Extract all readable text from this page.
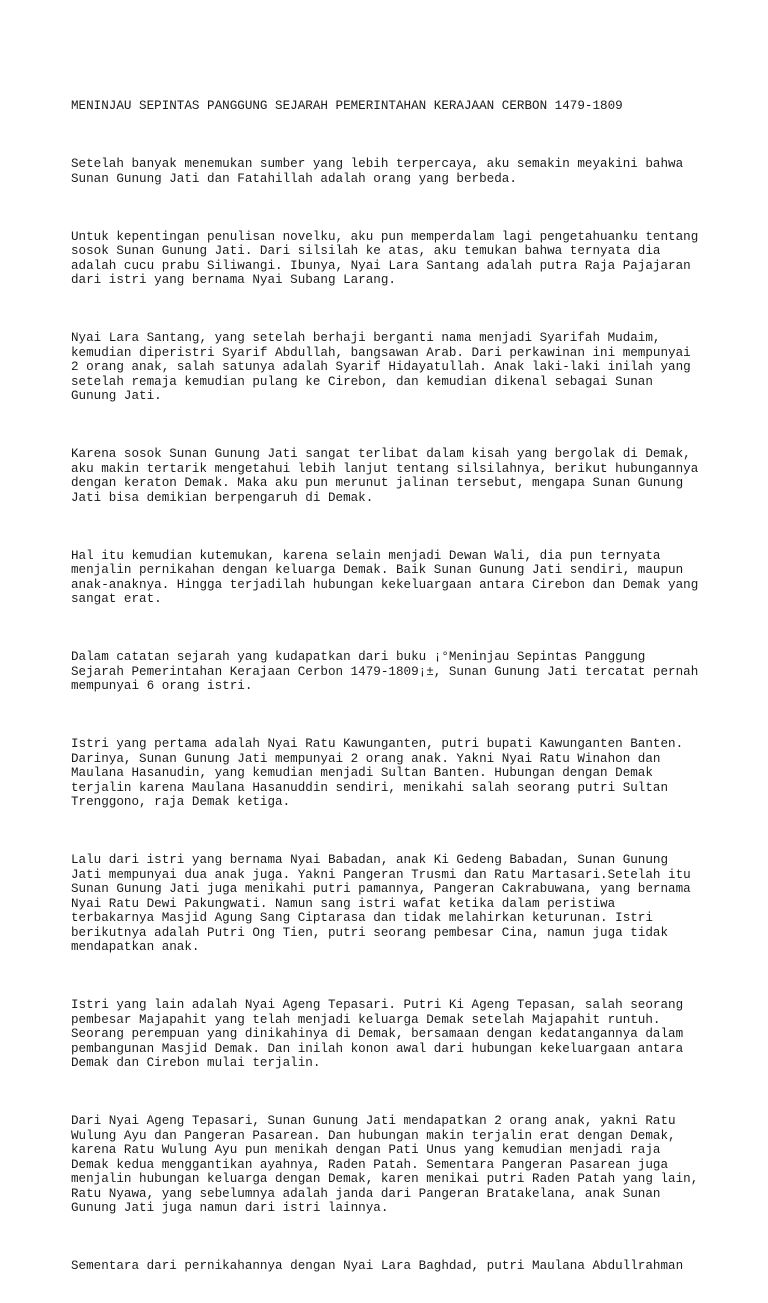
MENINJAU SEPINTAS PANGGUNG SEJARAH PEMERINTAHAN KERAJAAN CERBON 1479-1809

Setelah banyak menemukan sumber yang lebih terpercaya, aku semakin meyakini bahwa
Sunan Gunung Jati dan Fatahillah adalah orang yang berbeda.

Untuk kepentingan penulisan novelku, aku pun memperdalam lagi pengetahuanku tentang
sosok Sunan Gunung Jati. Dari silsilah ke atas, aku temukan bahwa ternyata dia
adalah cucu prabu Siliwangi. Ibunya, Nyai Lara Santang adalah putra Raja Pajajaran
dari istri yang bernama Nyai Subang Larang.

Nyai Lara Santang, yang setelah berhaji berganti nama menjadi Syarifah Mudaim,
kemudian diperistri Syarif Abdullah, bangsawan Arab. Dari perkawinan ini mempunyai
2 orang anak, salah satunya adalah Syarif Hidayatullah. Anak laki-laki inilah yang
setelah remaja kemudian pulang ke Cirebon, dan kemudian dikenal sebagai Sunan
Gunung Jati.

Karena sosok Sunan Gunung Jati sangat terlibat dalam kisah yang bergolak di Demak,
aku makin tertarik mengetahui lebih lanjut tentang silsilahnya, berikut hubungannya
dengan keraton Demak. Maka aku pun merunut jalinan tersebut, mengapa Sunan Gunung
Jati bisa demikian berpengaruh di Demak.

Hal itu kemudian kutemukan, karena selain menjadi Dewan Wali, dia pun ternyata
menjalin pernikahan dengan keluarga Demak. Baik Sunan Gunung Jati sendiri, maupun
anak-anaknya. Hingga terjadilah hubungan kekeluargaan antara Cirebon dan Demak yang
sangat erat.

Dalam catatan sejarah yang kudapatkan dari buku ¡°Meninjau Sepintas Panggung
Sejarah Pemerintahan Kerajaan Cerbon 1479-1809¡±, Sunan Gunung Jati tercatat pernah
mempunyai 6 orang istri.

Istri yang pertama adalah Nyai Ratu Kawunganten, putri bupati Kawunganten Banten.
Darinya, Sunan Gunung Jati mempunyai 2 orang anak. Yakni Nyai Ratu Winahon dan
Maulana Hasanudin, yang kemudian menjadi Sultan Banten. Hubungan dengan Demak
terjalin karena Maulana Hasanuddin sendiri, menikahi salah seorang putri Sultan
Trenggono, raja Demak ketiga.

Lalu dari istri yang bernama Nyai Babadan, anak Ki Gedeng Babadan, Sunan Gunung
Jati mempunyai dua anak juga. Yakni Pangeran Trusmi dan Ratu Martasari.Setelah itu
Sunan Gunung Jati juga menikahi putri pamannya, Pangeran Cakrabuwana, yang bernama
Nyai Ratu Dewi Pakungwati. Namun sang istri wafat ketika dalam peristiwa
terbakarnya Masjid Agung Sang Ciptarasa dan tidak melahirkan keturunan. Istri
berikutnya adalah Putri Ong Tien, putri seorang pembesar Cina, namun juga tidak
mendapatkan anak.

Istri yang lain adalah Nyai Ageng Tepasari. Putri Ki Ageng Tepasan, salah seorang
pembesar Majapahit yang telah menjadi keluarga Demak setelah Majapahit runtuh.
Seorang perempuan yang dinikahinya di Demak, bersamaan dengan kedatangannya dalam
pembangunan Masjid Demak. Dan inilah konon awal dari hubungan kekeluargaan antara
Demak dan Cirebon mulai terjalin.

Dari Nyai Ageng Tepasari, Sunan Gunung Jati mendapatkan 2 orang anak, yakni Ratu
Wulung Ayu dan Pangeran Pasarean. Dan hubungan makin terjalin erat dengan Demak,
karena Ratu Wulung Ayu pun menikah dengan Pati Unus yang kemudian menjadi raja
Demak kedua menggantikan ayahnya, Raden Patah. Sementara Pangeran Pasarean juga
menjalin hubungan keluarga dengan Demak, karen menikai putri Raden Patah yang lain,
Ratu Nyawa, yang sebelumnya adalah janda dari Pangeran Bratakelana, anak Sunan
Gunung Jati juga namun dari istri lainnya.

Sementara dari pernikahannya dengan Nyai Lara Baghdad, putri Maulana Abdullrahman
